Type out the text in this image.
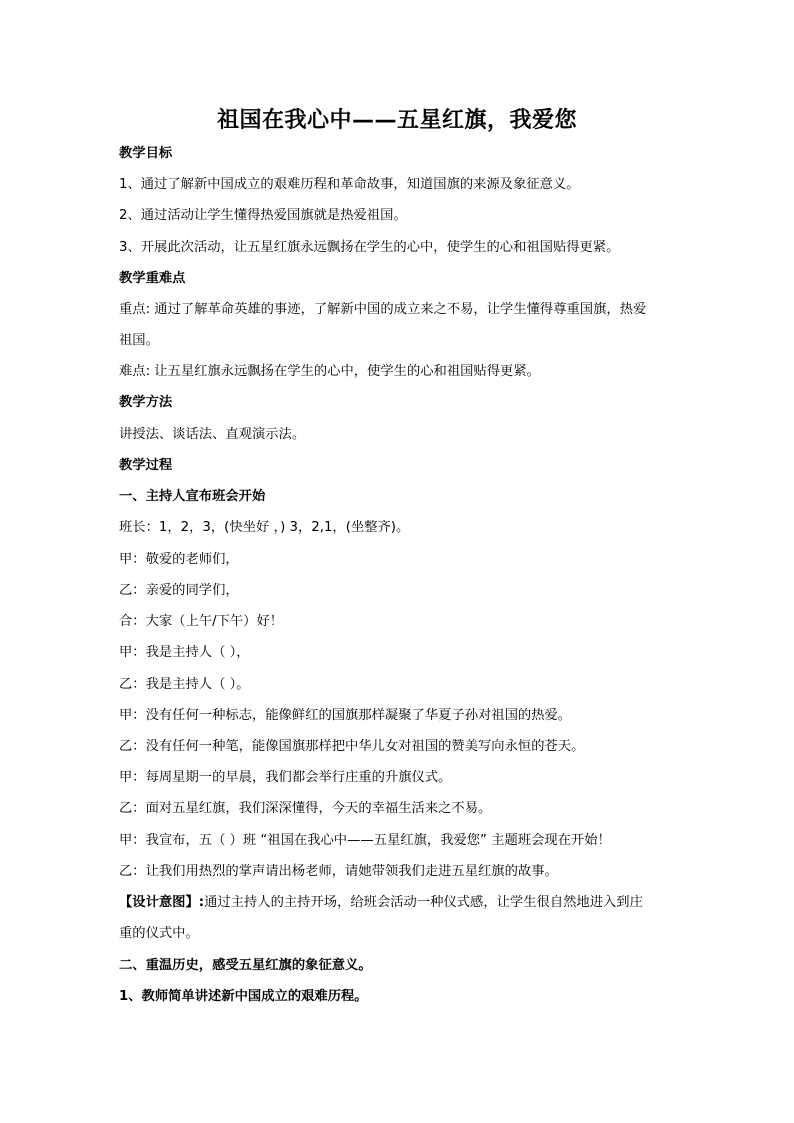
祖国在我心中——五星红旗，我爱您
教学目标
1、通过了解新中国成立的艰难历程和革命故事，知道国旗的来源及象征意义。
2、通过活动让学生懂得热爱国旗就是热爱祖国。
3、开展此次活动，让五星红旗永远飘扬在学生的心中，使学生的心和祖国贴得更紧。
教学重难点
重点: 通过了解革命英雄的事迹，了解新中国的成立来之不易，让学生懂得尊重国旗，热爱
祖国。
难点: 让五星红旗永远飘扬在学生的心中，使学生的心和祖国贴得更紧。
教学方法
讲授法、谈话法、直观演示法。
教学过程
一、主持人宣布班会开始
班长：1，2，3，(快坐好 ，) 3，2,1，(坐整齐)。
甲：敬爱的老师们，
乙：亲爱的同学们，
合：大家（上午/下午）好！
甲：我是主持人（ ），
乙：我是主持人（ ）。
甲：没有任何一种标志，能像鲜红的国旗那样凝聚了华夏子孙对祖国的热爱。
乙：没有任何一种笔，能像国旗那样把中华儿女对祖国的赞美写向永恒的苍天。
甲：每周星期一的早晨，我们都会举行庄重的升旗仪式。
乙：面对五星红旗，我们深深懂得，今天的幸福生活来之不易。
甲：我宣布，五（ ）班 “祖国在我心中——五星红旗，我爱您” 主题班会现在开始！
乙：让我们用热烈的掌声请出杨老师，请她带领我们走进五星红旗的故事。
【设计意图】:通过主持人的主持开场，给班会活动一种仪式感，让学生很自然地进入到庄
重的仪式中。
二、重温历史，感受五星红旗的象征意义。
1、教师简单讲述新中国成立的艰难历程。
